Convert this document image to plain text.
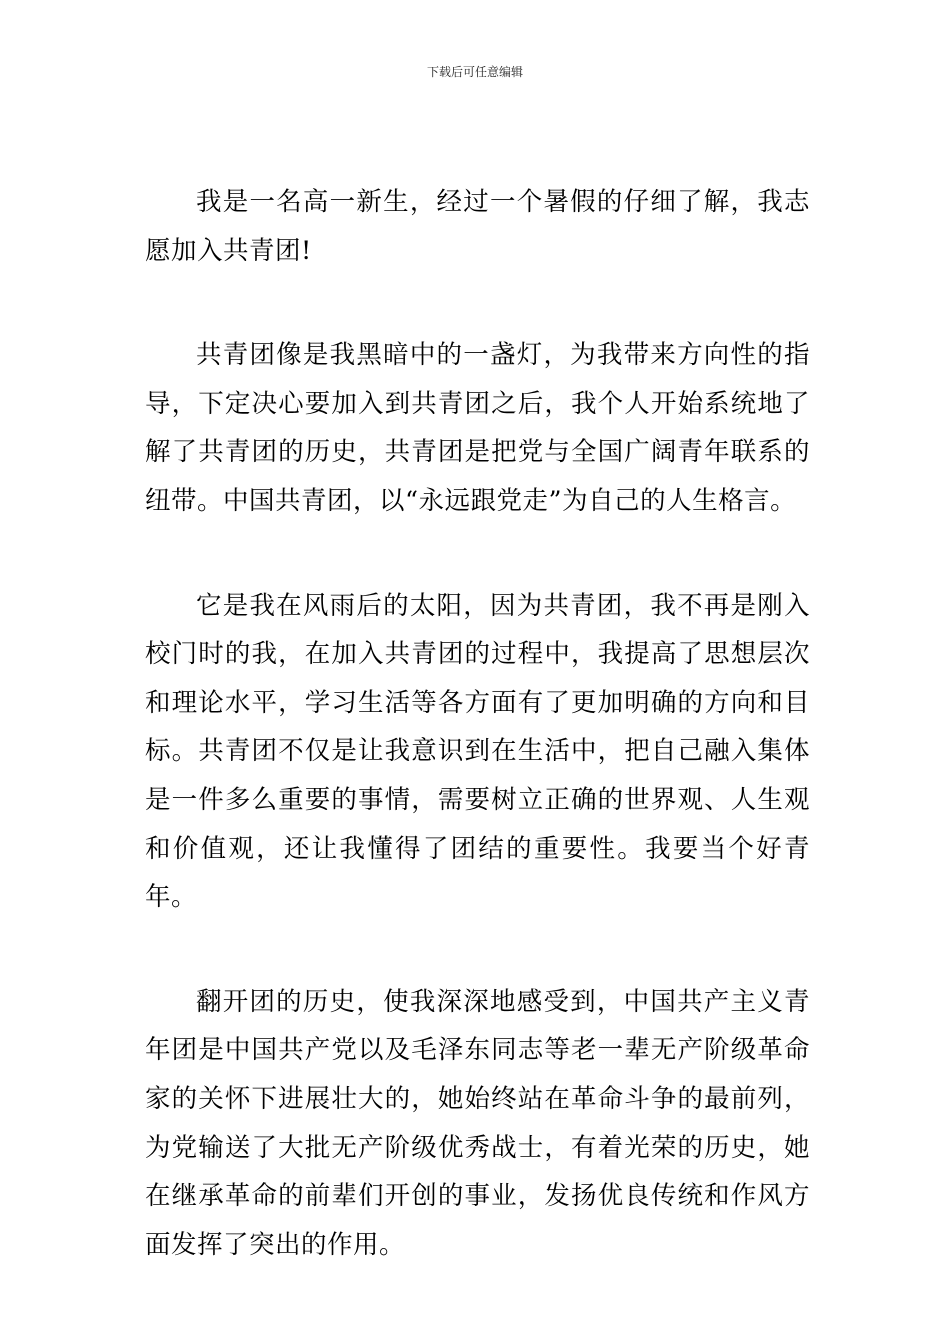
下载后可任意编辑

我是一名高一新生，经过一个暑假的仔细了解，我志愿加入共青团!

共青团像是我黑暗中的一盏灯，为我带来方向性的指导，下定决心要加入到共青团之后，我个人开始系统地了解了共青团的历史，共青团是把党与全国广阔青年联系的纽带。中国共青团，以“永远跟党走”为自己的人生格言。

它是我在风雨后的太阳，因为共青团，我不再是刚入校门时的我，在加入共青团的过程中，我提高了思想层次和理论水平，学习生活等各方面有了更加明确的方向和目标。共青团不仅是让我意识到在生活中，把自己融入集体是一件多么重要的事情，需要树立正确的世界观、人生观和价值观，还让我懂得了团结的重要性。我要当个好青年。

翻开团的历史，使我深深地感受到，中国共产主义青年团是中国共产党以及毛泽东同志等老一辈无产阶级革命家的关怀下进展壮大的，她始终站在革命斗争的最前列，为党输送了大批无产阶级优秀战士，有着光荣的历史，她在继承革命的前辈们开创的事业，发扬优良传统和作风方面发挥了突出的作用。
